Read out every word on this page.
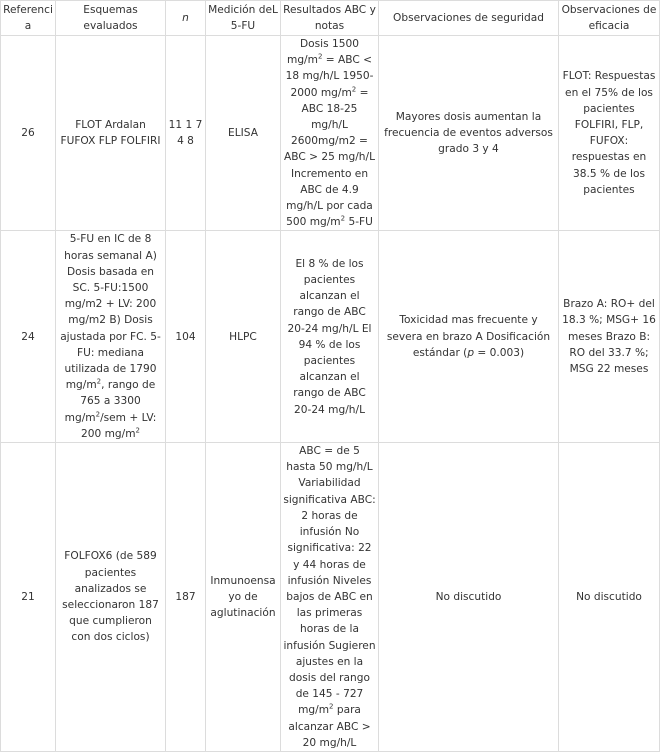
Referencia	Esquemas evaluados	n	Medición deL 5-FU	Resultados ABC y notas	Observaciones de seguridad	Observaciones de eficacia
26	FLOT Ardalan FUFOX FLP FOLFIRI	11 1 7 4 8	ELISA	Dosis 1500 $mg/m^2$ = ABC < 18 mg/h/L 1950-2000 $mg/m^2$ = ABC 18-25 mg/h/L 2600mg/m2 = ABC > 25 mg/h/L Incremento en ABC de 4.9 mg/h/L por cada 500 $mg/m^2$ 5-FU	Mayores dosis aumentan la frecuencia de eventos adversos grado 3 y 4	FLOT: Respuestas en el 75% de los pacientes FOLFIRI, FLP, FUFOX: respuestas en 38.5 % de los pacientes
24	5-FU en IC de 8 horas semanal A) Dosis basada en SC. 5-FU:1500 mg/m2 + LV: 200 mg/m2 B) Dosis ajustada por FC. 5-FU: mediana utilizada de 1790 $mg/m^2$, rango de 765 a 3300 $mg/m^2$/sem + LV: 200 $mg/m^2$	104	HLPC	El 8 % de los pacientes alcanzan el rango de ABC 20-24 mg/h/L El 94 % de los pacientes alcanzan el rango de ABC 20-24 mg/h/L	Toxicidad mas frecuente y severa en brazo A Dosificación estándar (p = 0.003)	Brazo A: RO+ del 18.3 %; MSG+ 16 meses Brazo B: RO del 33.7 %; MSG 22 meses
21	FOLFOX6 (de 589 pacientes analizados se seleccionaron 187 que cumplieron con dos ciclos)	187	Inmunoensayo de aglutinación	ABC = de 5 hasta 50 mg/h/L Variabilidad significativa ABC: 2 horas de infusión No significativa: 22 y 44 horas de infusión Niveles bajos de ABC en las primeras horas de la infusión Sugieren ajustes en la dosis del rango de 145 - 727 $mg/m^2$ para alcanzar ABC > 20 mg/h/L	No discutido	No discutido
